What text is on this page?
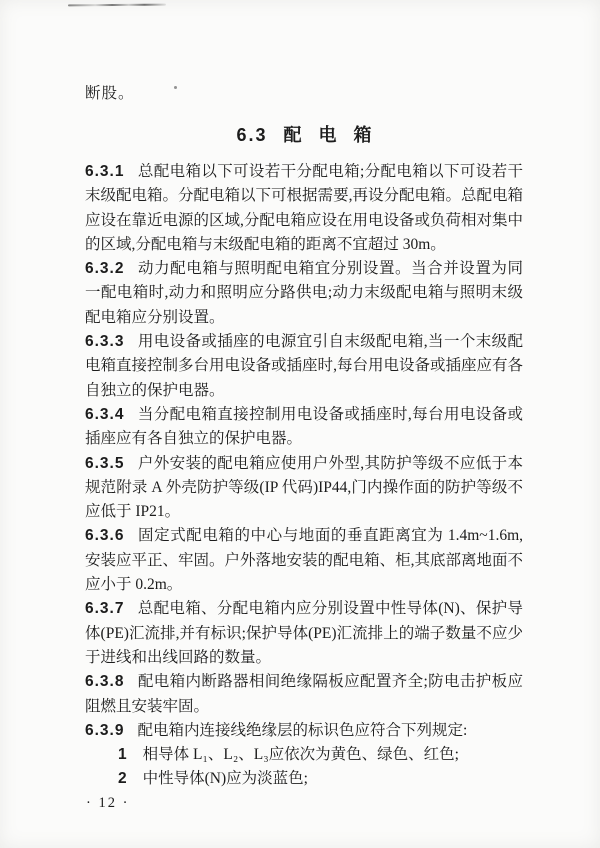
断股。

6.3 配电箱

6.3.1 总配电箱以下可设若干分配电箱;分配电箱以下可设若干末级配电箱。分配电箱以下可根据需要,再设分配电箱。总配电箱应设在靠近电源的区域,分配电箱应设在用电设备或负荷相对集中的区域,分配电箱与末级配电箱的距离不宜超过 30m。

6.3.2 动力配电箱与照明配电箱宜分别设置。当合并设置为同一配电箱时,动力和照明应分路供电;动力末级配电箱与照明末级配电箱应分别设置。

6.3.3 用电设备或插座的电源宜引自末级配电箱,当一个末级配电箱直接控制多台用电设备或插座时,每台用电设备或插座应有各自独立的保护电器。

6.3.4 当分配电箱直接控制用电设备或插座时,每台用电设备或插座应有各自独立的保护电器。

6.3.5 户外安装的配电箱应使用户外型,其防护等级不应低于本规范附录 A 外壳防护等级(IP 代码)IP44,门内操作面的防护等级不应低于 IP21。

6.3.6 固定式配电箱的中心与地面的垂直距离宜为 1.4m~1.6m,安装应平正、牢固。户外落地安装的配电箱、柜,其底部离地面不应小于 0.2m。

6.3.7 总配电箱、分配电箱内应分别设置中性导体(N)、保护导体(PE)汇流排,并有标识;保护导体(PE)汇流排上的端子数量不应少于进线和出线回路的数量。

6.3.8 配电箱内断路器相间绝缘隔板应配置齐全;防电击护板应阻燃且安装牢固。

6.3.9 配电箱内连接线绝缘层的标识色应符合下列规定:

1 相导体 L₁、L₂、L₃应依次为黄色、绿色、红色;

2 中性导体(N)应为淡蓝色;

· 12 ·
